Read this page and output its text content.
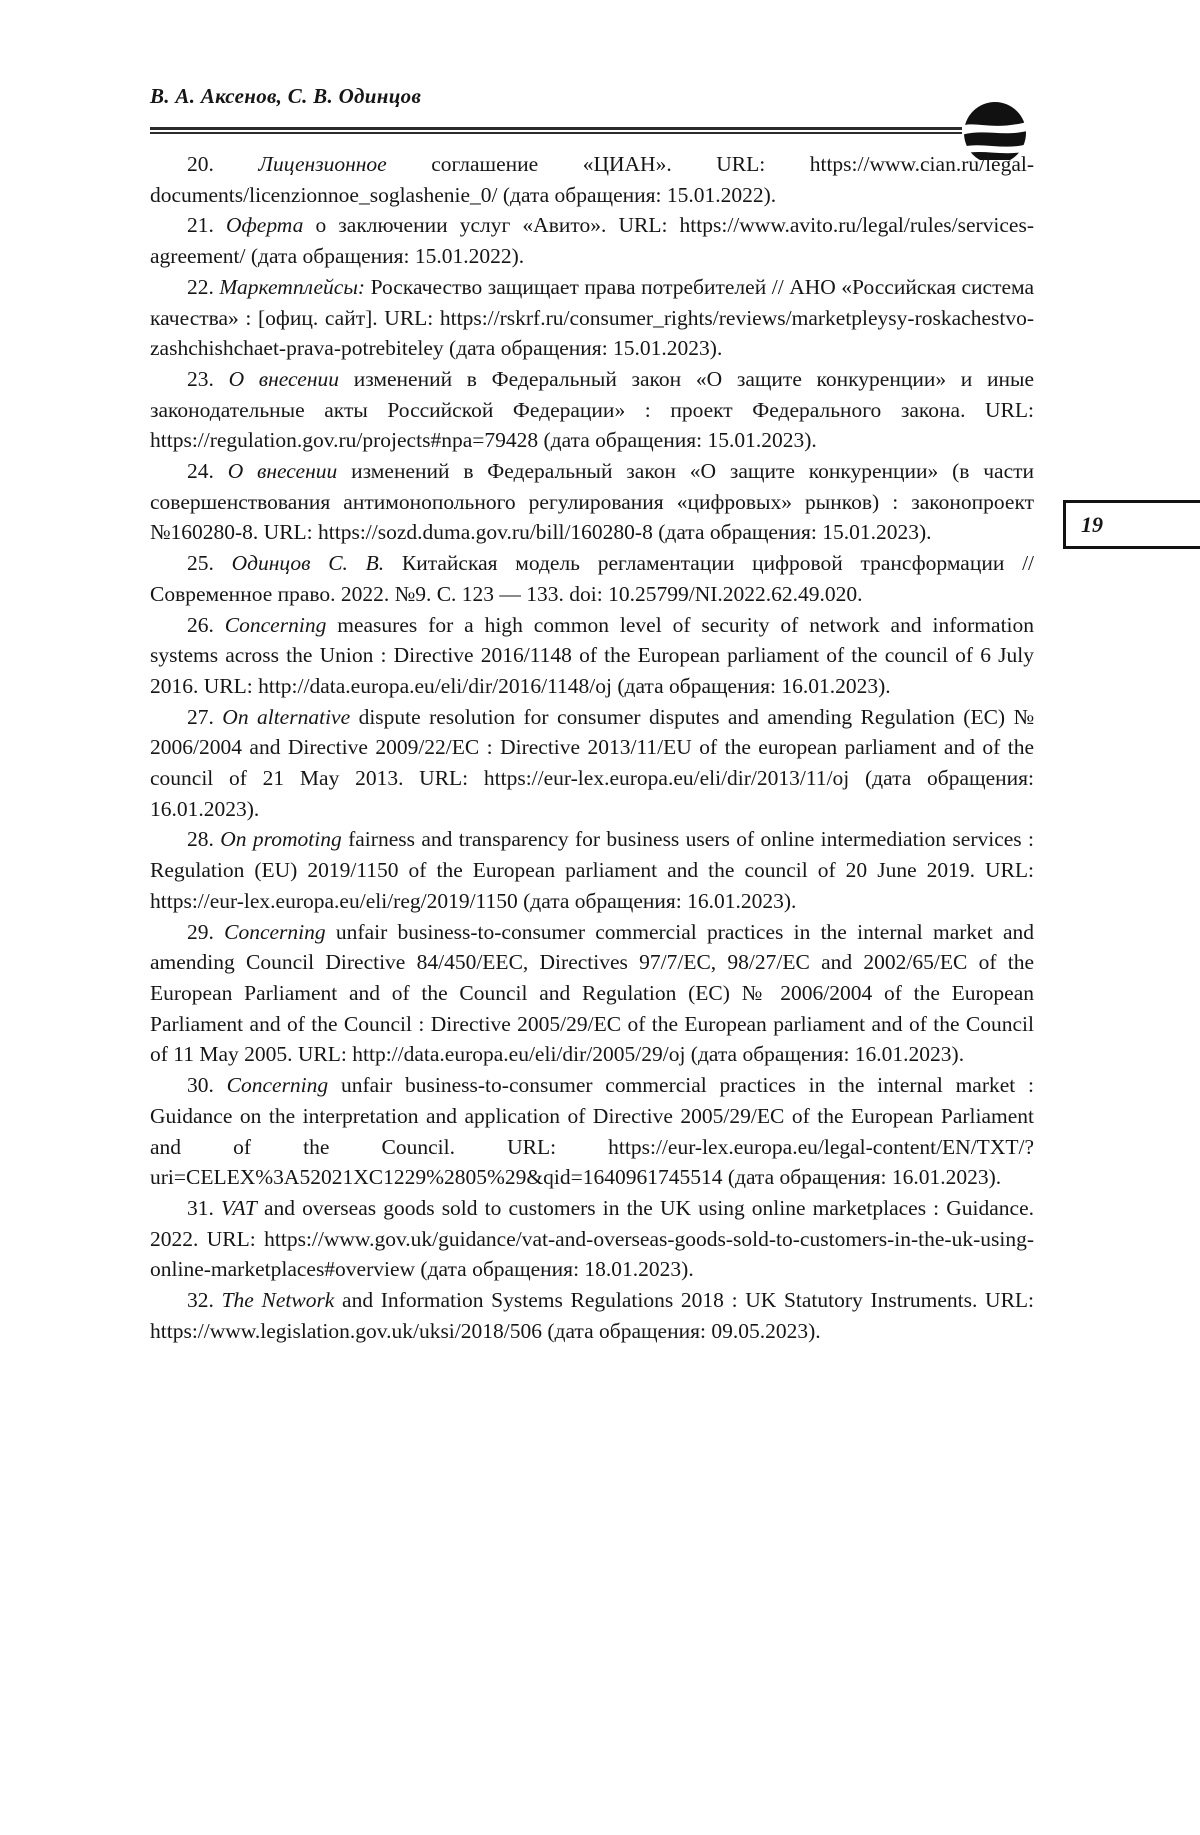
В. А. Аксенов, С. В. Одинцов
19

20. Лицензионное соглашение «ЦИАН». URL: https://www.cian.ru/legal-documents/licenzionnoe_soglashenie_0/ (дата обращения: 15.01.2022).

21. Оферта о заключении услуг «Авито». URL: https://www.avito.ru/legal/rules/services-agreement/ (дата обращения: 15.01.2022).

22. Маркетплейсы: Роскачество защищает права потребителей // АНО «Российская система качества» : [офиц. сайт]. URL: https://rskrf.ru/consumer_rights/reviews/marketpleysy-roskachestvo-zashchishchaet-prava-potrebiteley (дата обращения: 15.01.2023).

23. О внесении изменений в Федеральный закон «О защите конкуренции» и иные законодательные акты Российской Федерации» : проект Федерального закона. URL: https://regulation.gov.ru/projects#npa=79428 (дата обращения: 15.01.2023).

24. О внесении изменений в Федеральный закон «О защите конкуренции» (в части совершенствования антимонопольного регулирования «цифровых» рынков) : законопроект №160280-8. URL: https://sozd.duma.gov.ru/bill/160280-8 (дата обращения: 15.01.2023).

25. Одинцов С. В. Китайская модель регламентации цифровой трансформации // Современное право. 2022. №9. С. 123 — 133. doi: 10.25799/NI.2022.62.49.020.

26. Concerning measures for a high common level of security of network and information systems across the Union : Directive 2016/1148 of the European parliament of the council of 6 July 2016. URL: http://data.europa.eu/eli/dir/2016/1148/oj (дата обращения: 16.01.2023).

27. On alternative dispute resolution for consumer disputes and amending Regulation (EC) № 2006/2004 and Directive 2009/22/EC : Directive 2013/11/EU of the european parliament and of the council of 21 May 2013. URL: https://eur-lex.europa.eu/eli/dir/2013/11/oj (дата обращения: 16.01.2023).

28. On promoting fairness and transparency for business users of online intermediation services : Regulation (EU) 2019/1150 of the European parliament and the council of 20 June 2019. URL: https://eur-lex.europa.eu/eli/reg/2019/1150 (дата обращения: 16.01.2023).

29. Concerning unfair business-to-consumer commercial practices in the internal market and amending Council Directive 84/450/EEC, Directives 97/7/EC, 98/27/EC and 2002/65/EC of the European Parliament and of the Council and Regulation (EC) № 2006/2004 of the European Parliament and of the Council : Directive 2005/29/EC of the European parliament and of the Council of 11 May 2005. URL: http://data.europa.eu/eli/dir/2005/29/oj (дата обращения: 16.01.2023).

30. Concerning unfair business-to-consumer commercial practices in the internal market : Guidance on the interpretation and application of Directive 2005/29/EC of the European Parliament and of the Council. URL: https://eur-lex.europa.eu/legal-content/EN/TXT/?uri=CELEX%3A52021XC1229%2805%29&qid=1640961745514 (дата обращения: 16.01.2023).

31. VAT and overseas goods sold to customers in the UK using online marketplaces : Guidance. 2022. URL: https://www.gov.uk/guidance/vat-and-overseas-goods-sold-to-customers-in-the-uk-using-online-marketplaces#overview (дата обращения: 18.01.2023).

32. The Network and Information Systems Regulations 2018 : UK Statutory Instruments. URL: https://www.legislation.gov.uk/uksi/2018/506 (дата обращения: 09.05.2023).
